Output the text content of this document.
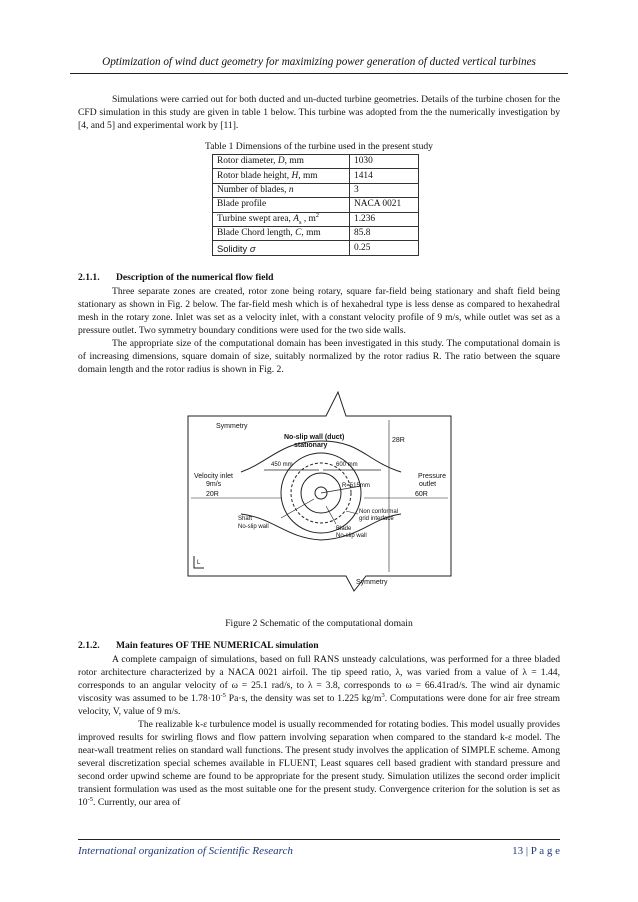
Optimization of wind duct geometry for maximizing power generation of ducted vertical turbines

Simulations were carried out for both ducted and un-ducted turbine geometries. Details of the turbine chosen for the CFD simulation in this study are given in table 1 below. This turbine was adopted from the the numerically investigation by [4, and 5] and experimental work by [11].

Table 1 Dimensions of the turbine used in the present study
Rotor diameter, D, mm	1030
Rotor blade height, H, mm	1414
Number of blades, n	3
Blade profile	NACA 0021
Turbine swept area, $A_s$ , $m^2$	1.236
Blade Chord length, C, mm	85.8
Solidity σ	0.25
2.1.1. Description of the numerical flow field

Three separate zones are created, rotor zone being rotary, square far-field being stationary and shaft field being stationary as shown in Fig. 2 below. The far-field mesh which is of hexahedral type is less dense as compared to hexahedral mesh in the rotary zone. Inlet was set as a velocity inlet, with a constant velocity profile of 9 m/s, while outlet was set as a pressure outlet. Two symmetry boundary conditions were used for the two side walls.

The appropriate size of the computational domain has been investigated in this study. The computational domain is of increasing dimensions, square domain of size, suitably normalized by the rotor radius R. The ratio between the square domain length and the rotor radius is shown in Fig. 2.

Symmetry
No-slip wall (duct)
stationary
28R
450 mm	600 mm
Velocity inlet
9m/s
Pressure
outlet
R=515mm
20R	60R
Shaft
No-slip wall
Non conformal
grid interface
Blade
No-slip wall
Symmetry
L
Figure 2 Schematic of the computational domain
2.1.2. Main features OF THE NUMERICAL simulation

A complete campaign of simulations, based on full RANS unsteady calculations, was performed for a three bladed rotor architecture characterized by a NACA 0021 airfoil. The tip speed ratio, λ, was varied from a value of λ = 1.44, corresponds to an angular velocity of ω = 25.1 rad/s, to λ = 3.8, corresponds to ω = 66.41rad/s. The wind air dynamic viscosity was assumed to be $1.78\cdot 10^{-5}$ Pa·s, the density was set to 1.225 $kg/m^3$. Computations were done for air free stream velocity, V, value of 9 m/s.

The realizable k-ε turbulence model is usually recommended for rotating bodies. This model usually provides improved results for swirling flows and flow pattern involving separation when compared to the standard k-ε model. The near-wall treatment relies on standard wall functions. The present study involves the application of SIMPLE scheme. Among several discretization special schemes available in FLUENT, Least squares cell based gradient with standard pressure and second order upwind scheme are found to be appropriate for the present study. Simulation utilizes the second order implicit transient formulation was used as the most suitable one for the present study. Convergence criterion for the solution is set as $10^{-5}$. Currently, our area of

International organization of Scientific Research	13 | P a g e
